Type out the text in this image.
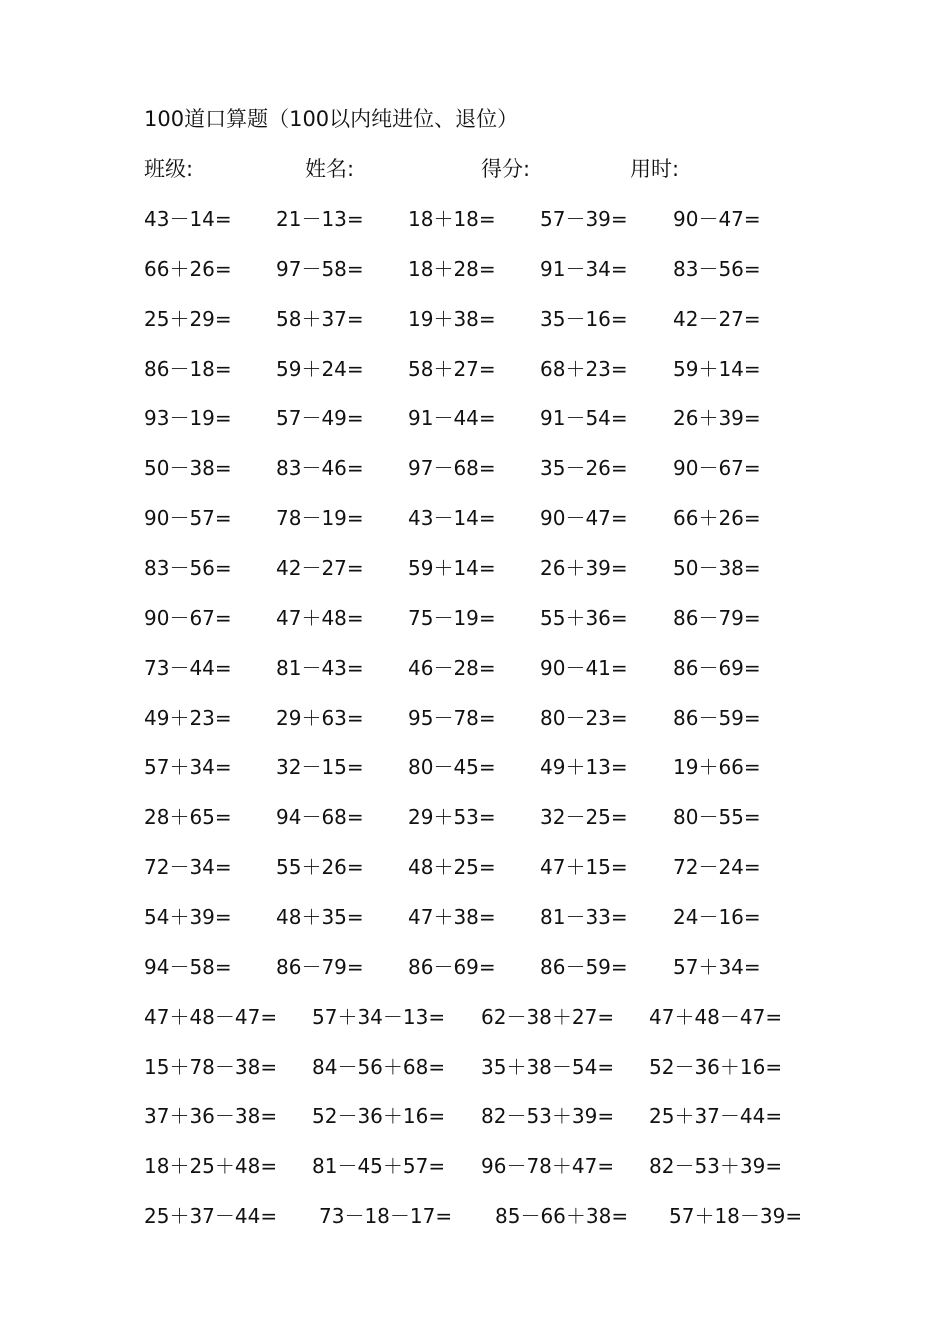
100道口算题（100以内纯进位、退位）
班级:	姓名:	得分:	用时:
43－14= 21－13= 18＋18= 57－39= 90－47=
66＋26= 97－58= 18＋28= 91－34= 83－56=
25＋29= 58＋37= 19＋38= 35－16= 42－27=
86－18= 59＋24= 58＋27= 68＋23= 59＋14=
93－19= 57－49= 91－44= 91－54= 26＋39=
50－38= 83－46= 97－68= 35－26= 90－67=
90－57= 78－19= 43－14= 90－47= 66＋26=
83－56= 42－27= 59＋14= 26＋39= 50－38=
90－67= 47＋48= 75－19= 55＋36= 86－79=
73－44= 81－43= 46－28= 90－41= 86－69=
49＋23= 29＋63= 95－78= 80－23= 86－59=
57＋34= 32－15= 80－45= 49＋13= 19＋66=
28＋65= 94－68= 29＋53= 32－25= 80－55=
72－34= 55＋26= 48＋25= 47＋15= 72－24=
54＋39= 48＋35= 47＋38= 81－33= 24－16=
94－58= 86－79= 86－69= 86－59= 57＋34=
47＋48－47= 57＋34－13= 62－38＋27= 47＋48－47=
15＋78－38= 84－56＋68= 35＋38－54= 52－36＋16=
37＋36－38= 52－36＋16= 82－53＋39= 25＋37－44=
18＋25＋48= 81－45＋57= 96－78＋47= 82－53＋39=
25＋37－44= 73－18－17= 85－66＋38= 57＋18－39=
